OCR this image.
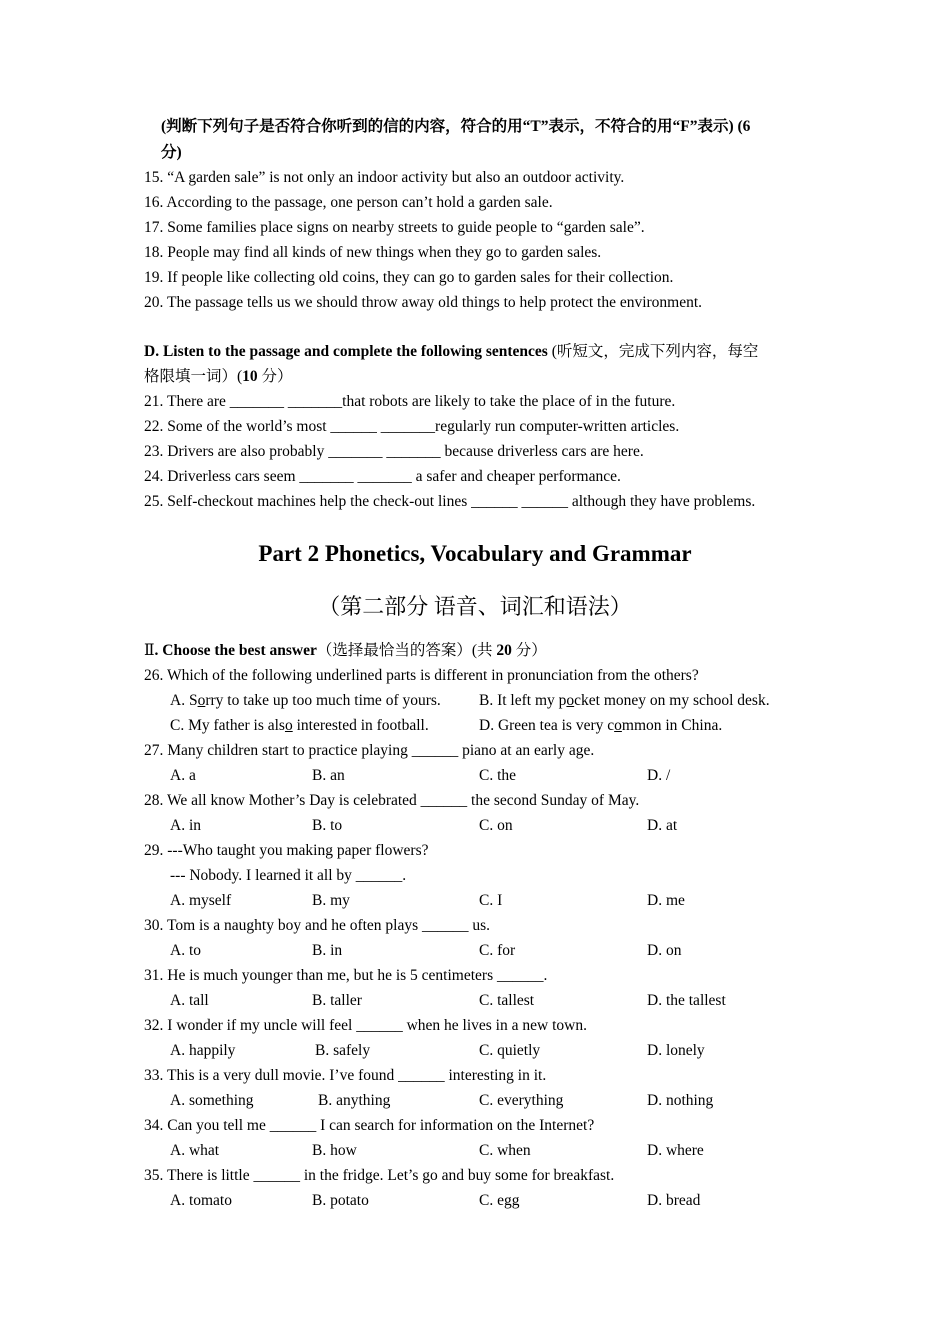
(判断下列句子是否符合你听到的信的内容，符合的用“T”表示，不符合的用“F”表示) (6
分)
15. “A garden sale” is not only an indoor activity but also an outdoor activity.
16. According to the passage, one person can’t hold a garden sale.
17. Some families place signs on nearby streets to guide people to “garden sale”.
18. People may find all kinds of new things when they go to garden sales.
19. If people like collecting old coins, they can go to garden sales for their collection.
20. The passage tells us we should throw away old things to help protect the environment.
D. Listen to the passage and complete the following sentences (听短文，完成下列内容，每空
格限填一词）(10 分）
21. There are _______ _______that robots are likely to take the place of in the future.
22. Some of the world’s most ______ _______regularly run computer-written articles.
23. Drivers are also probably _______ _______ because driverless cars are here.
24. Driverless cars seem _______ _______ a safer and cheaper performance.
25. Self-checkout machines help the check-out lines ______ ______ although they have problems.
Part 2 Phonetics, Vocabulary and Grammar
（第二部分 语音、词汇和语法）
Ⅱ. Choose the best answer（选择最恰当的答案）(共 20 分）
26. Which of the following underlined parts is different in pronunciation from the others?
A. Sorry to take up too much time of yours. B. It left my pocket money on my school desk.
C. My father is also interested in football.	D. Green tea is very common in China.
27. Many children start to practice playing ______ piano at an early age.
A. a	B. an	C. the	D. /
28. We all know Mother’s Day is celebrated ______ the second Sunday of May.
A. in	B. to	C. on	D. at
29. ---Who taught you making paper flowers?
--- Nobody. I learned it all by ______.
A. myself	B. my	C. I	D. me
30. Tom is a naughty boy and he often plays ______ us.
A. to	B. in	C. for	D. on
31. He is much younger than me, but he is 5 centimeters ______.
A. tall	B. taller	C. tallest	D. the tallest
32. I wonder if my uncle will feel ______ when he lives in a new town.
A. happily	B. safely	C. quietly	D. lonely
33. This is a very dull movie. I’ve found ______ interesting in it.
A. something	B. anything	C. everything	D. nothing
34. Can you tell me ______ I can search for information on the Internet?
A. what	B. how	C. when	D. where
35. There is little ______ in the fridge. Let’s go and buy some for breakfast.
A. tomato	B. potato	C. egg	D. bread
